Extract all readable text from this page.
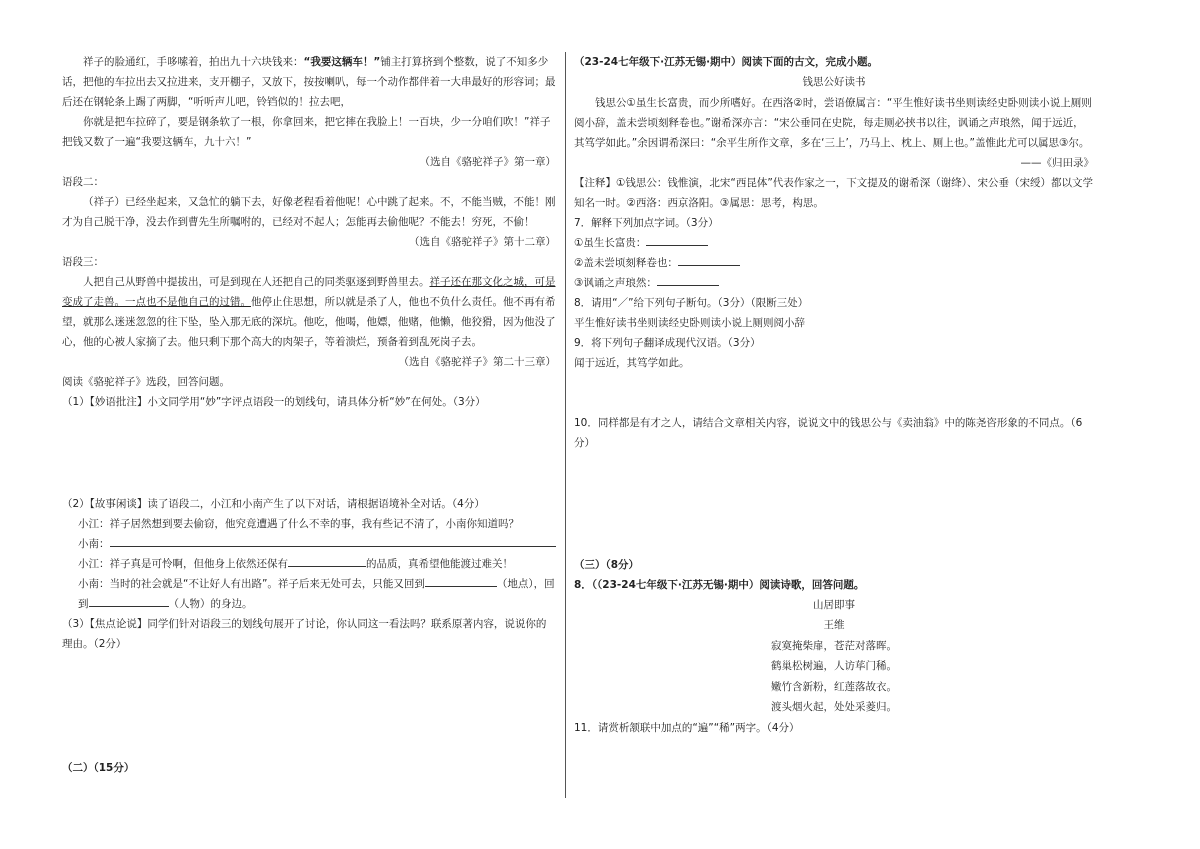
祥子的脸通红，手哆嗦着，拍出九十六块钱来：“我要这辆车！”铺主打算挤到个整数，说了不知多少话，把他的车拉出去又拉进来，支开棚子，又放下，按按喇叭，每一个动作都伴着一大串最好的形容词；最后还在钢轮条上踢了两脚，“听听声儿吧，铃铛似的！拉去吧，

你就是把车拉碎了，要是钢条软了一根，你拿回来，把它摔在我脸上！一百块，少一分咱们吹！”祥子把钱又数了一遍“我要这辆车，九十六！”

（选自《骆驼祥子》第一章）

语段二：

（祥子）已经坐起来，又急忙的躺下去，好像老程看着他呢！心中跳了起来。不，不能当贼，不能！刚才为自己脱干净，没去作到曹先生所嘱咐的，已经对不起人；怎能再去偷他呢？不能去！穷死，不偷！

（选自《骆驼祥子》第十二章）

语段三：

人把自己从野兽中提拔出，可是到现在人还把自己的同类驱逐到野兽里去。祥子还在那文化之城，可是变成了走兽。一点也不是他自己的过错。他停止住思想，所以就是杀了人，他也不负什么责任。他不再有希望，就那么迷迷忽忽的往下坠，坠入那无底的深坑。他吃，他喝，他嫖，他赌，他懒，他狡猾，因为他没了心，他的心被人家摘了去。他只剩下那个高大的肉架子，等着溃烂，预备着到乱死岗子去。

（选自《骆驼祥子》第二十三章）

阅读《骆驼祥子》选段，回答问题。

（1）【妙语批注】小文同学用“妙”字评点语段一的划线句，请具体分析“妙”在何处。（3分）

（2）【故事闲谈】读了语段二，小江和小南产生了以下对话，请根据语境补全对话。（4分）

小江：祥子居然想到要去偷窃，他究竟遭遇了什么不幸的事，我有些记不清了，小南你知道吗？

小南：

小江：祥子真是可怜啊，但他身上依然还保有	的品质，真希望他能渡过难关！

小南：当时的社会就是“不让好人有出路”。祥子后来无处可去，只能又回到	（地点），回到	（人物）的身边。

（3）【焦点论说】同学们针对语段三的划线句展开了讨论，你认同这一看法吗？联系原著内容，说说你的理由。（2分）

（二）（15分）

（23-24七年级下·江苏无锡·期中）阅读下面的古文，完成小题。

钱思公好读书

钱思公①虽生长富贵，而少所嗜好。在西洛②时，尝语僚属言：“平生惟好读书坐则读经史卧则读小说上厕则阅小辞，盖未尝顷刻释卷也。”谢希深亦言：“宋公垂同在史院，每走厕必挟书以往，讽诵之声琅然，闻于远近，其笃学如此。”余因谓希深曰：“余平生所作文章，多在‘三上’，乃马上、枕上、厕上也。”盖惟此尤可以属思③尔。

——《归田录》

【注释】①钱思公：钱惟演，北宋“西昆体”代表作家之一，下文提及的谢希深（谢绛）、宋公垂（宋绶）都以文学知名一时。②西洛：西京洛阳。③属思：思考，构思。

7．解释下列加点字词。（3分）

①虽生长富贵：

②盖未尝顷刻释卷也：

③讽诵之声琅然：

8．请用“／”给下列句子断句。（3分）（限断三处）

平生惟好读书坐则读经史卧则读小说上厕则阅小辞

9．将下列句子翻译成现代汉语。（3分）

闻于远近，其笃学如此。

10．同样都是有才之人，请结合文章相关内容，说说文中的钱思公与《卖油翁》中的陈尧咨形象的不同点。（6分）

（三）（8分）

8．（（23-24七年级下·江苏无锡·期中）阅读诗歌，回答问题。

山居即事

王维

寂寞掩柴扉，苍茫对落晖。

鹤巢松树遍，人访荜门稀。

嫩竹含新粉，红莲落故衣。

渡头烟火起，处处采菱归。

11．请赏析颔联中加点的“遍”“稀”两字。（4分）
